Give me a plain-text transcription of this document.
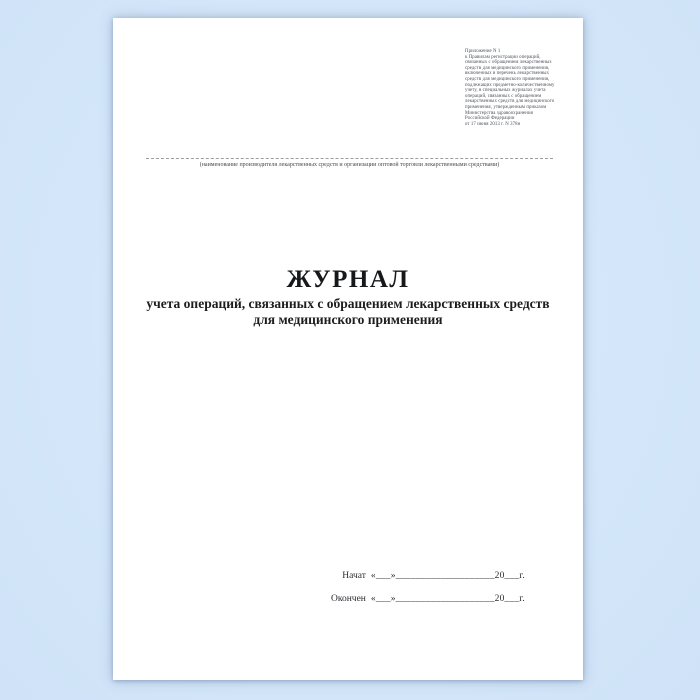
Приложение N 1
к Правилам регистрации операций,
связанных с обращением лекарственных
средств для медицинского применения,
включенных в перечень лекарственных
средств для медицинского применения,
подлежащих предметно-количественному
учету, в специальных журналах учета
операций, связанных с обращением
лекарственных средств для медицинского
применения, утвержденным приказом
Министерства здравоохранения
Российской Федерации
от 17 июня 2013 г. N 378н
(наименование производителя лекарственных средств и организации оптовой торговли лекарственными средствами)
ЖУРНАЛ
учета операций, связанных с обращением лекарственных средств
для медицинского применения
Начат «___»____________________20___г.
Окончен «___»____________________20___г.
